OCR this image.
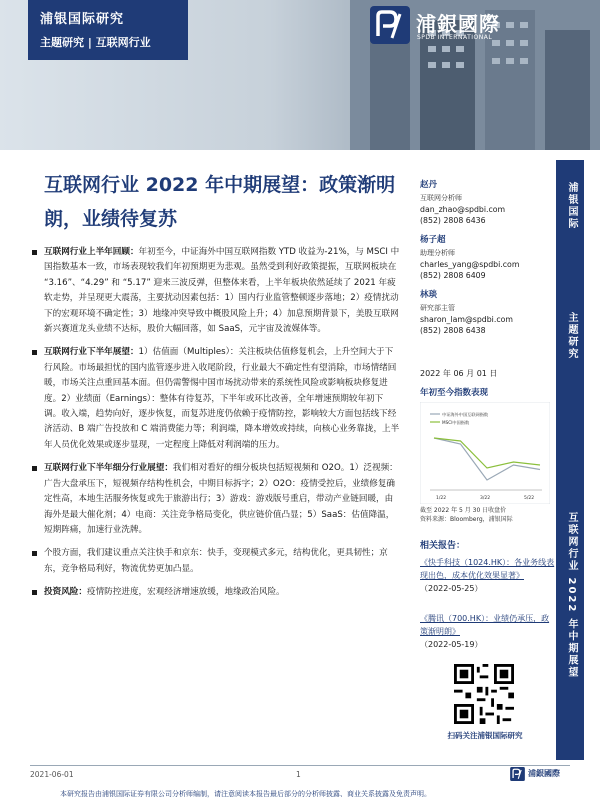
浦银国际研究
主题研究 | 互联网行业
浦銀國際
SPDB INTERNATIONAL
浦银国际
主题研究
互联网行业 2022 年中期展望
互联网行业 2022 年中期展望：政策渐明朗，业绩待复苏
互联网行业上半年回顾：年初至今，中证海外中国互联网指数 YTD 收益为-21%，与 MSCI 中国指数基本一致，市场表现较我们年初预期更为悲观。虽然受到利好政策提振，互联网板块在 “3.16”、“4.29” 和 “5.17” 迎来三波反弹，但整体来看，上半年板块依然延续了 2021 年疲软走势，并呈现更大震荡，主要扰动因素包括：1）国内行业监管整顿逐步落地；2）疫情扰动下的宏观环境不确定性；3）地缘冲突导致中概股风险上升；4）加息预期背景下，美股互联网新兴赛道龙头业绩不达标，股价大幅回落，如 SaaS，元宇宙及流媒体等。
互联网行业下半年展望：1）估值面（Multiples）：关注板块估值修复机会，上升空间大于下行风险。市场最担忧的国内监管逐步进入收尾阶段，行业最大不确定性有望消除，市场情绪回暖，市场关注点重回基本面。但仍需警惕中国市场扰动带来的系统性风险或影响板块修复进度。2）业绩面（Earnings）：整体有待复苏，下半年或环比改善，全年增速预期较年初下调。收入端，趋势向好，逐步恢复，而复苏进度仍依赖于疫情防控，影响较大方面包括线下经济活动、B 端广告投放和 C 端消费能力等；利润端，降本增效或持续，向核心业务靠拢，上半年人员优化效果或逐步显现，一定程度上降低对利润端的压力。
互联网行业下半年细分行业展望：我们相对看好的细分板块包括短视频和 O2O。1）泛视频：广告大盘承压下，短视频存结构性机会，中期目标拆字；2）O2O：疫情受控后，业绩修复确定性高，本地生活服务恢复或先于旅游出行；3）游戏：游戏版号重启，带动产业链回暖，由海外是最大催化剂；4）电商：关注竞争格局变化，供应链价值凸显；5）SaaS：估值降温，短期阵痛，加速行业洗牌。
个股方面，我们建议重点关注快手和京东：快手，变现模式多元，结构优化，更具韧性；京东，竞争格局利好，物流优势更加凸显。
投资风险：疫情防控进度，宏观经济增速放缓，地缘政治风险。
赵丹
互联网分析师
dan_zhao@spdbi.com
(852) 2808 6436
杨子超
助理分析师
charles_yang@spdbi.com
(852) 2808 6409
林琰
研究部主管
sharon_lam@spdbi.com
(852) 2808 6438
2022 年 06 月 01 日
年初至今指数表现
中证海外中国互联网指数
MSCI中国指数
1/22	3/22	5/22
截至 2022 年 5 月 30 日收盘价
资料来源：Bloomberg，浦银国际
相关报告：
《快手科技（1024.HK）：各业务线表现出色，成本优化效果显著》
（2022-05-25）
《腾讯（700.HK）：业绩仍承压，政策渐明朗》
（2022-05-19）
扫码关注浦银国际研究
2021-06-01	1	浦銀國際
本研究报告由浦银国际证券有限公司分析师编制，请注意阅读本报告最后部分的分析师披露、商业关系披露及免责声明。
